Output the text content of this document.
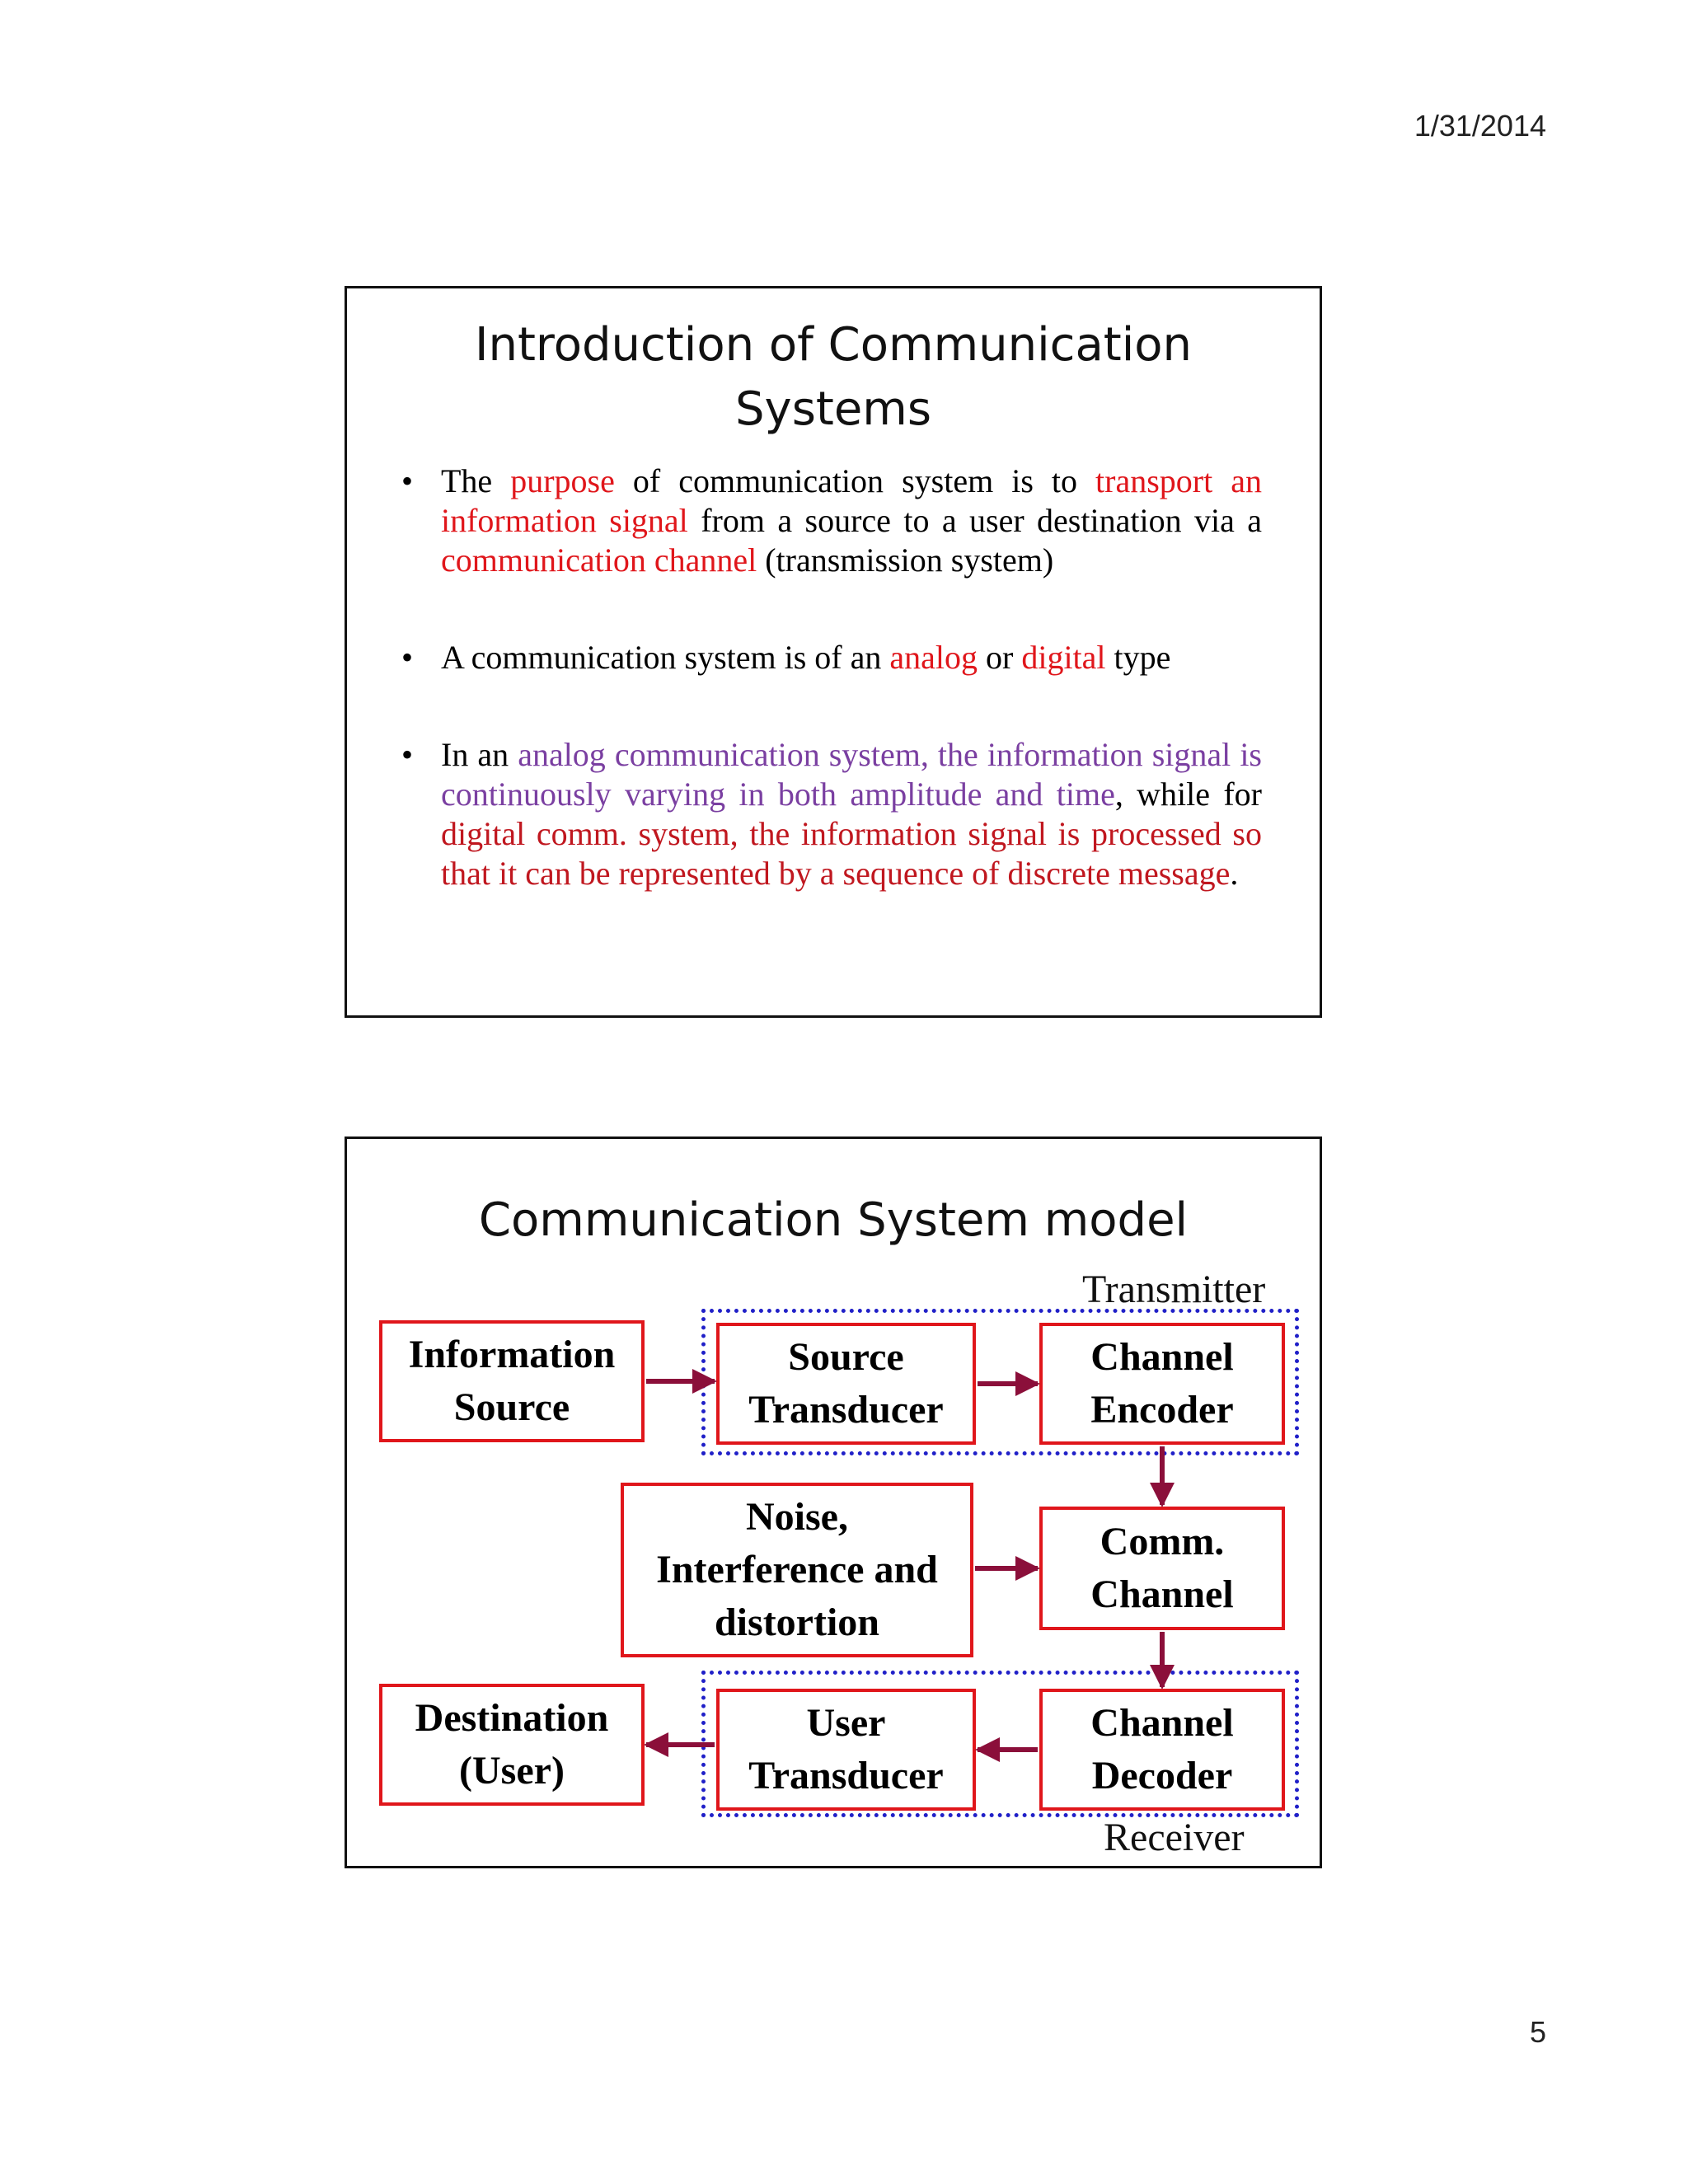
1/31/2014
Introduction of Communication
Systems
• The purpose of communication system is to transport an information signal from a source to a user destination via a communication channel (transmission system)
• A communication system is of an analog or digital type
• In an analog communication system, the information signal is continuously varying in both amplitude and time, while for digital comm. system, the information signal is processed so that it can be represented by a sequence of discrete message.
Communication System model
Transmitter
Receiver
Information
Source
Source
Transducer
Channel
Encoder
Noise,
Interference and
distortion
Comm.
Channel
Destination
(User)
User
Transducer
Channel
Decoder
5
